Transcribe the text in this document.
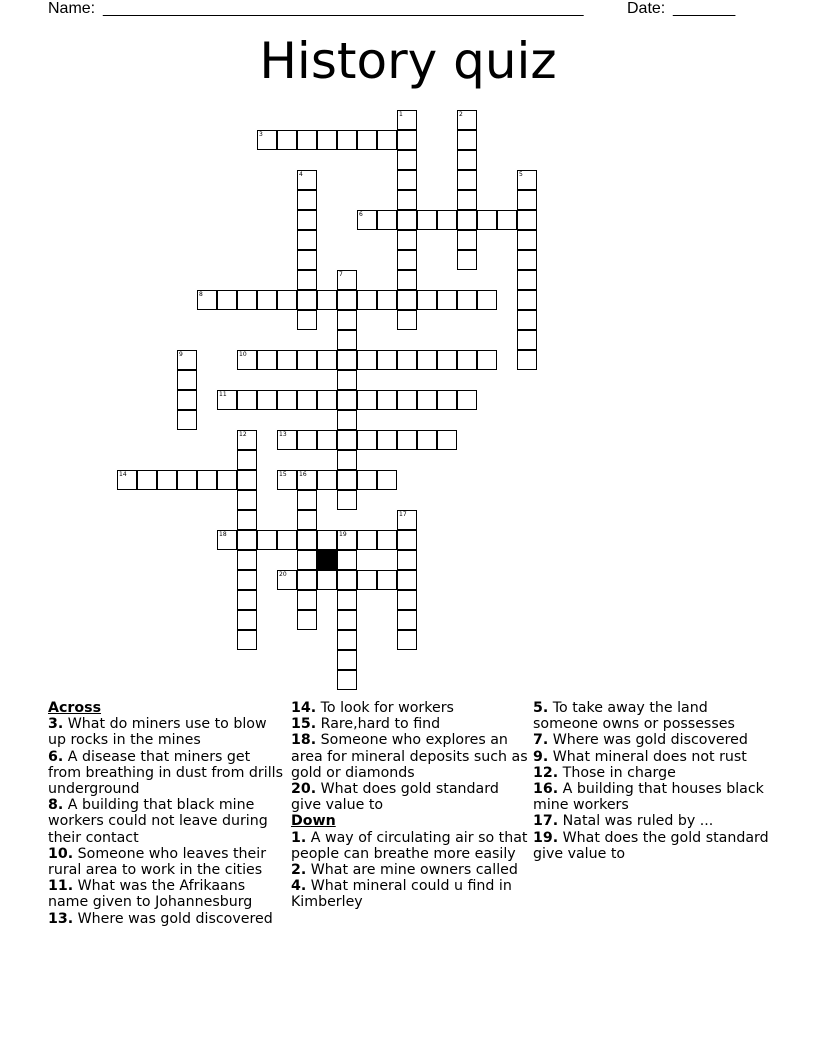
Name: ______________________________________________________	Date: _______
History quiz
3
6
8
10
11
13
14	15 16
18	19
20
1	2
4	5
7
9
12
17
Across
3. What do miners use to blow up rocks in the mines
6. A disease that miners get from breathing in dust from drills underground
8. A building that black mine workers could not leave during their contact
10. Someone who leaves their rural area to work in the cities
11. What was the Afrikaans name given to Johannesburg
13. Where was gold discovered
14. To look for workers
15. Rare,hard to find
18. Someone who explores an area for mineral deposits such as gold or diamonds
20. What does gold standard give value to
Down
1. A way of circulating air so that people can breathe more easily
2. What are mine owners called
4. What mineral could u find in Kimberley
5. To take away the land someone owns or possesses
7. Where was gold discovered
9. What mineral does not rust
12. Those in charge
16. A building that houses black mine workers
17. Natal was ruled by ...
19. What does the gold standard give value to
